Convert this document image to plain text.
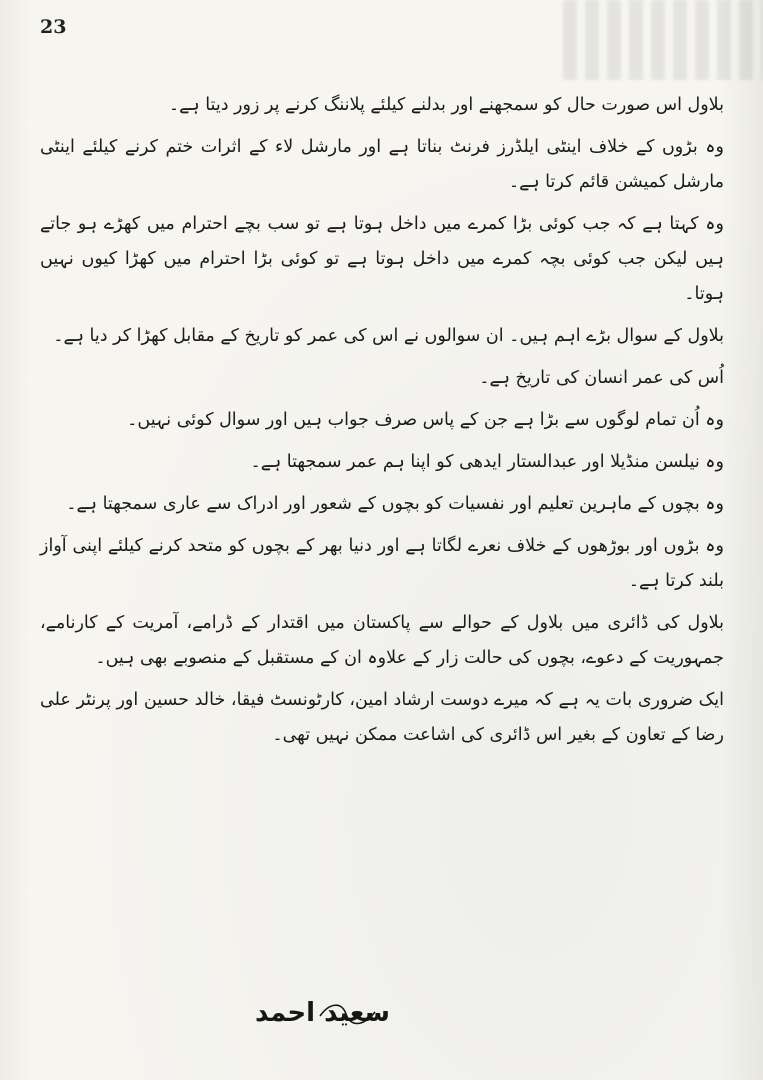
23

بلاول اس صورت حال کو سمجھنے اور بدلنے کیلئے پلاننگ کرنے پر زور دیتا ہے۔

وہ بڑوں کے خلاف اینٹی ایلڈرز فرنٹ بناتا ہے اور مارشل لاء کے اثرات ختم کرنے کیلئے اینٹی مارشل کمیشن قائم کرتا ہے۔

وہ کہتا ہے کہ جب کوئی بڑا کمرے میں داخل ہوتا ہے تو سب بچے احترام میں کھڑے ہو جاتے ہیں لیکن جب کوئی بچہ کمرے میں داخل ہوتا ہے تو کوئی بڑا احترام میں کھڑا کیوں نہیں ہوتا۔

بلاول کے سوال بڑے اہم ہیں۔ ان سوالوں نے اس کی عمر کو تاریخ کے مقابل کھڑا کر دیا ہے۔

اُس کی عمر انسان کی تاریخ ہے۔

وہ اُن تمام لوگوں سے بڑا ہے جن کے پاس صرف جواب ہیں اور سوال کوئی نہیں۔

وہ نیلسن منڈیلا اور عبدالستار ایدھی کو اپنا ہم عمر سمجھتا ہے۔

وہ بچوں کے ماہرین تعلیم اور نفسیات کو بچوں کے شعور اور ادراک سے عاری سمجھتا ہے۔

وہ بڑوں اور بوڑھوں کے خلاف نعرے لگاتا ہے اور دنیا بھر کے بچوں کو متحد کرنے کیلئے اپنی آواز بلند کرتا ہے۔

بلاول کی ڈائری میں بلاول کے حوالے سے پاکستان میں اقتدار کے ڈرامے، آمریت کے کارنامے، جمہوریت کے دعوے، بچوں کی حالت زار کے علاوہ ان کے مستقبل کے منصوبے بھی ہیں۔

ایک ضروری بات یہ ہے کہ میرے دوست ارشاد امین، کارٹونسٹ فیقا، خالد حسین اور پرنٹر علی رضا کے تعاون کے بغیر اس ڈائری کی اشاعت ممکن نہیں تھی۔

سعید احمد
